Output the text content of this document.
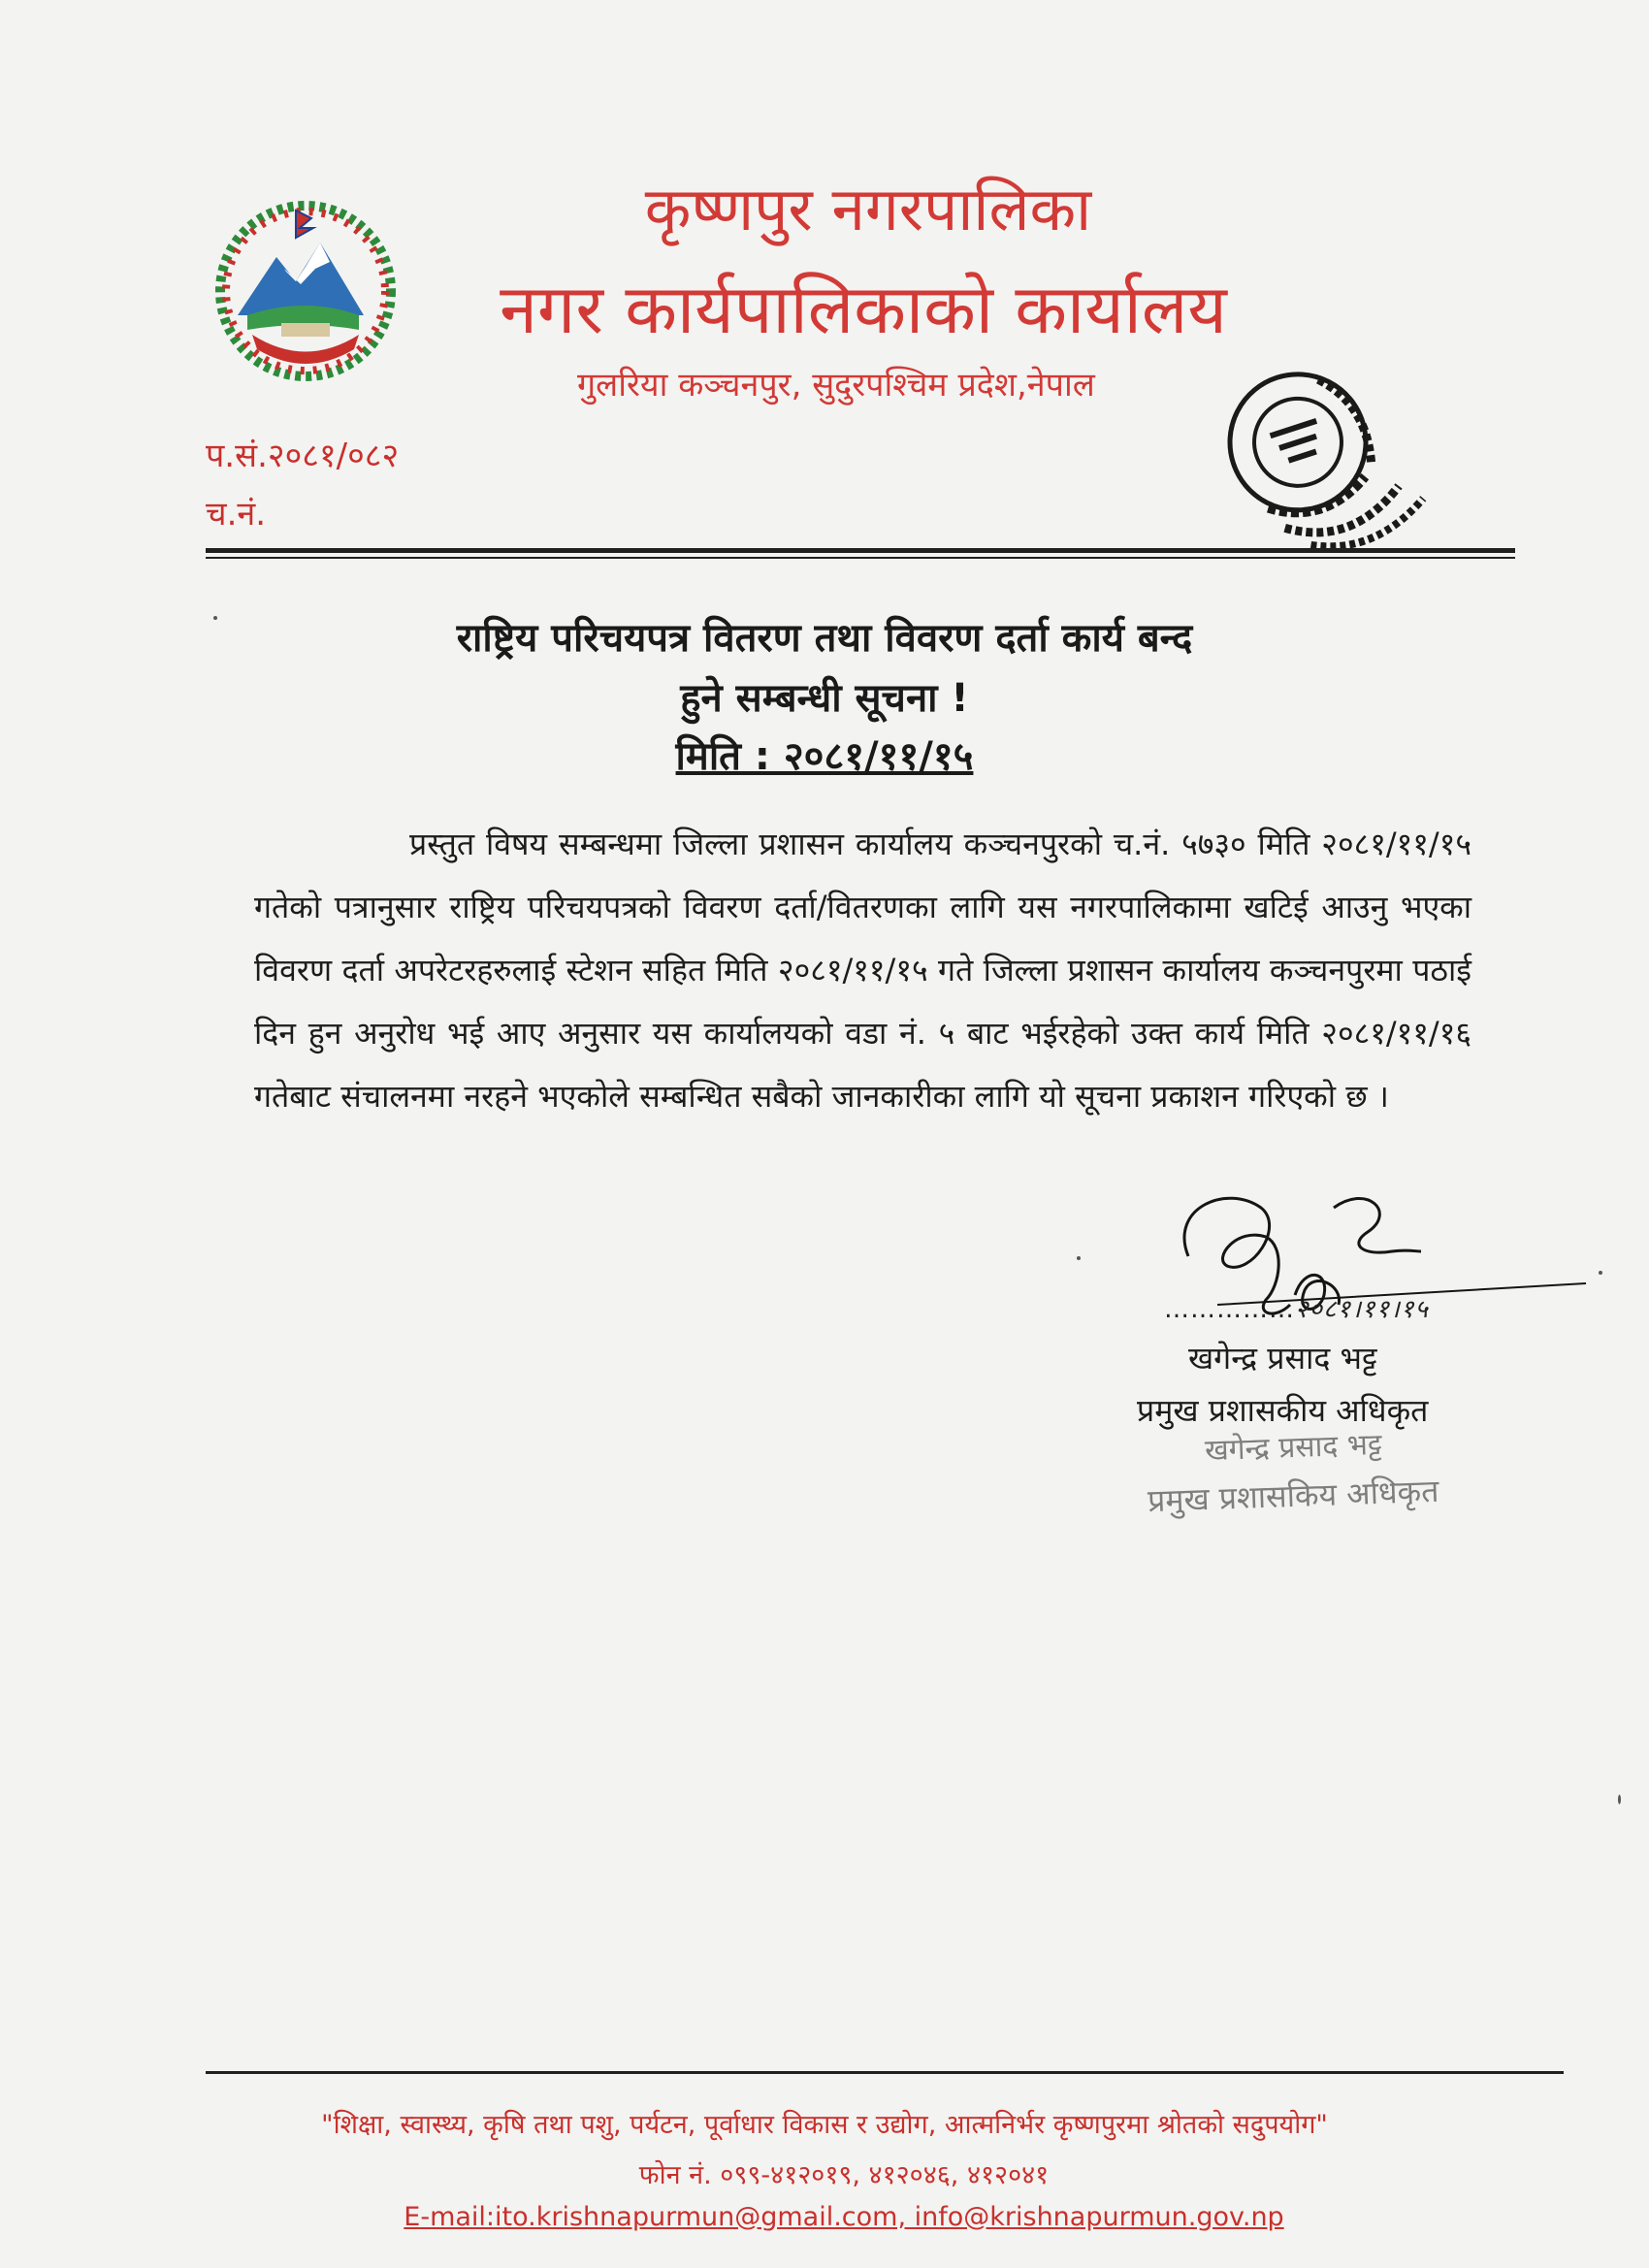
कृष्णपुर नगरपालिका
नगर कार्यपालिकाको कार्यालय

गुलरिया कञ्चनपुर, सुदुरपश्चिम प्रदेश,नेपाल

प.सं.२०८१/०८२
च.नं.
राष्ट्रिय परिचयपत्र वितरण तथा विवरण दर्ता कार्य बन्द
हुने सम्बन्धी सूचना !
मिति : २०८१/११/१५

प्रस्तुत विषय सम्बन्धमा जिल्ला प्रशासन कार्यालय कञ्चनपुरको च.नं. ५७३० मिति २०८१/११/१५ गतेको पत्रानुसार राष्ट्रिय परिचयपत्रको विवरण दर्ता/वितरणका लागि यस नगरपालिकामा खटिई आउनु भएका विवरण दर्ता अपरेटरहरुलाई स्टेशन सहित मिति २०८१/११/१५ गते जिल्ला प्रशासन कार्यालय कञ्चनपुरमा पठाई दिन हुन अनुरोध भई आए अनुसार यस कार्यालयको वडा नं. ५ बाट भईरहेको उक्त कार्य मिति २०८१/११/१६ गतेबाट संचालनमा नरहने भएकोले सम्बन्धित सबैको जानकारीका लागि यो सूचना प्रकाशन गरिएको छ ।

……………२०८१।११।१५
खगेन्द्र प्रसाद भट्ट
प्रमुख प्रशासकीय अधिकृत
खगेन्द्र प्रसाद भट्ट
प्रमुख प्रशासकिय अधिकृत
"शिक्षा, स्वास्थ्य, कृषि तथा पशु, पर्यटन, पूर्वाधार विकास र उद्योग, आत्मनिर्भर कृष्णपुरमा श्रोतको सदुपयोग"
फोन नं. ०९९-४१२०१९, ४१२०४६, ४१२०४१
E-mail:ito.krishnapurmun@gmail.com, info@krishnapurmun.gov.np
